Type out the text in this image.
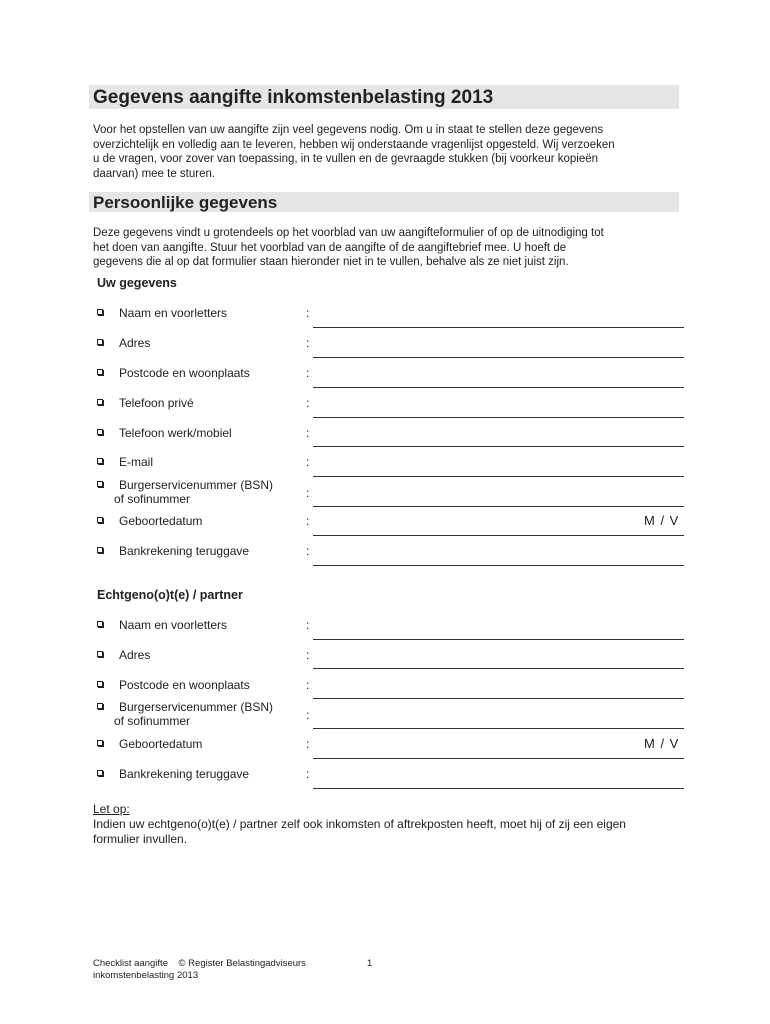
Gegevens aangifte inkomstenbelasting 2013
Voor het opstellen van uw aangifte zijn veel gegevens nodig. Om u in staat te stellen deze gegevens
overzichtelijk en volledig aan te leveren, hebben wij onderstaande vragenlijst opgesteld. Wij verzoeken
u de vragen, voor zover van toepassing, in te vullen en de gevraagde stukken (bij voorkeur kopieën
daarvan) mee te sturen.
Persoonlijke gegevens
Deze gegevens vindt u grotendeels op het voorblad van uw aangifteformulier of op de uitnodiging tot
het doen van aangifte. Stuur het voorblad van de aangifte of de aangiftebrief mee. U hoeft de
gegevens die al op dat formulier staan hieronder niet in te vullen, behalve als ze niet juist zijn.
Uw gegevens
Naam en voorletters	:
Adres	:
Postcode en woonplaats	:
Telefoon privé	:
Telefoon werk/mobiel	:
E-mail	:
Burgerservicenummer (BSN)
of sofinummer	:
Geboortedatum	:	M / V
Bankrekening teruggave	:
Echtgeno(o)t(e) / partner
Naam en voorletters	:
Adres	:
Postcode en woonplaats	:
Burgerservicenummer (BSN)
of sofinummer	:
Geboortedatum	:	M / V
Bankrekening teruggave	:
Let op:
Indien uw echtgeno(o)t(e) / partner zelf ook inkomsten of aftrekposten heeft, moet hij of zij een eigen
formulier invullen.
Checklist aangifte    © Register Belastingadviseurs
inkomstenbelasting 2013
1
